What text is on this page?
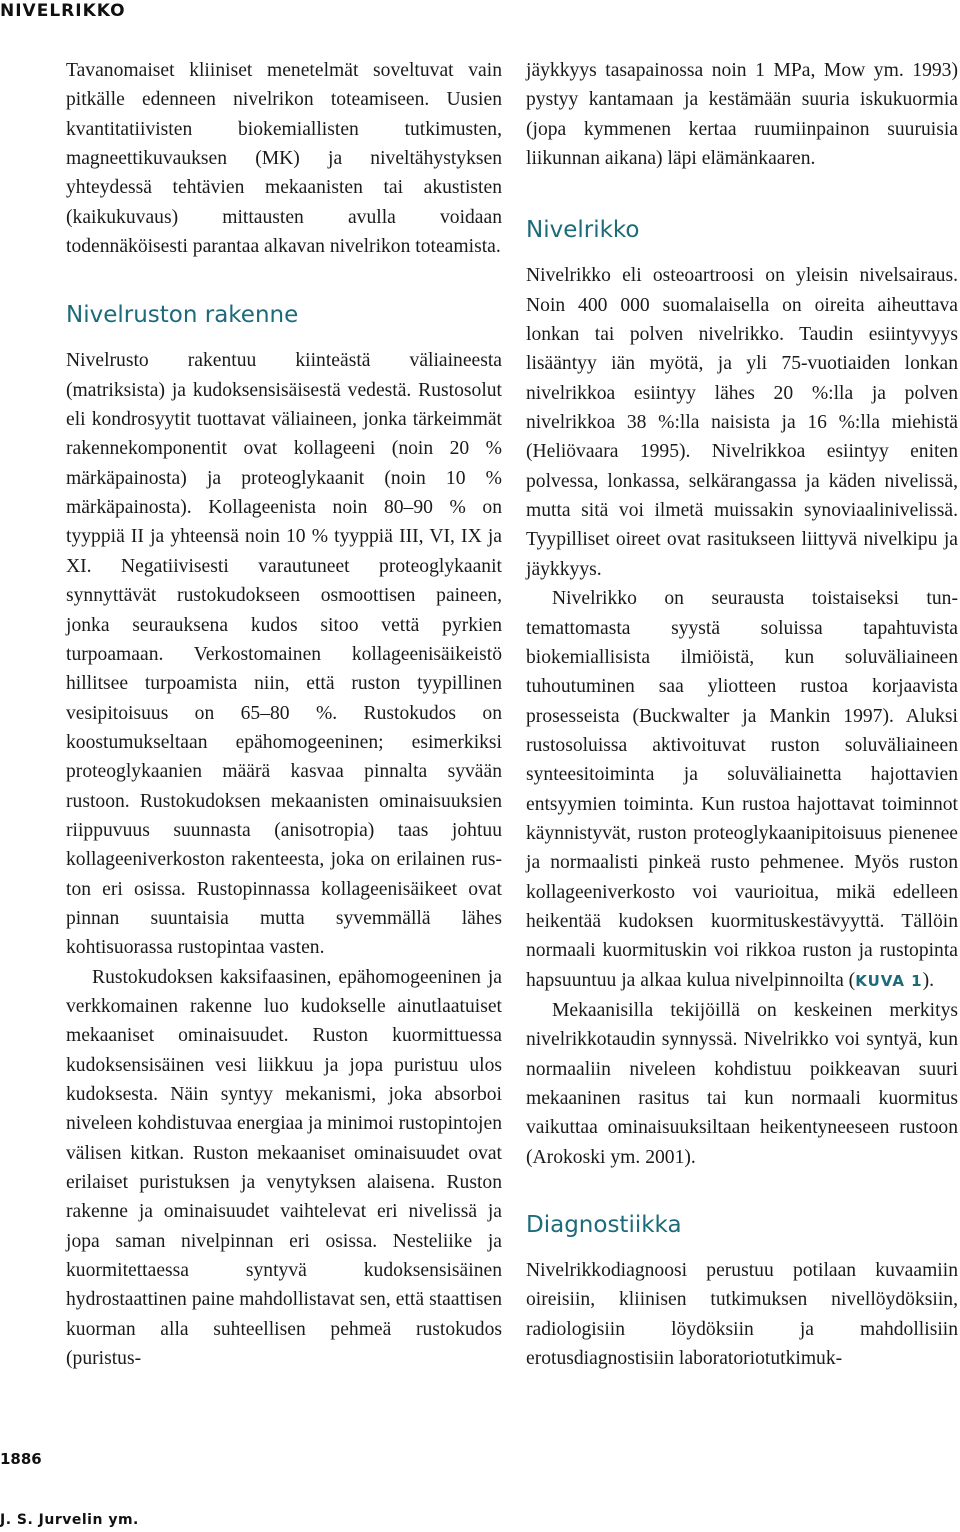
NIVELRIKKO

Tavanomaiset kliiniset menetelmät soveltuvat vain pitkälle edenneen nivelrikon toteamiseen. Uusien kvantitatiivisten biokemiallisten tutkimusten, magneettikuvauksen (MK) ja niveltähystyksen yhteydessä tehtävien mekaanisten tai akustisten (kaikukuvaus) mittausten avulla voidaan todennäköisesti parantaa alkavan nivelrikon toteamista.

Nivelruston rakenne

Nivelrusto rakentuu kiinteästä väliaineesta (matriksista) ja kudoksensisäisestä vedestä. Rustosolut eli kondrosyytit tuottavat väliaineen, jonka tärkeimmät rakennekomponentit ovat kollageeni (noin 20 % märkäpainosta) ja proteoglykaanit (noin 10 % märkäpainosta). Kollageenista noin 80–90 % on tyyppiä II ja yhteensä noin 10 % tyyppiä III, VI, IX ja XI. Negatiivisesti varautuneet proteoglykaanit synnyttävät rustokudokseen osmoottisen paineen, jonka seurauksena kudos sitoo vettä pyrkien turpoamaan. Verkostomainen kollageenisäikeistö hillitsee turpoamista niin, että ruston tyypillinen vesipitoisuus on 65–80 %. Rustokudos on koostumukseltaan epähomogeeninen; esimerkiksi proteoglykaanien määrä kasvaa pinnalta syvään rustoon. Rustokudoksen mekaanisten ominaisuuksien riippuvuus suunnasta (anisotropia) taas johtuu kollageeniverkoston rakenteesta, joka on erilainen ruston eri osissa. Rustopinnassa kollageenisäikeet ovat pinnan suuntaisia mutta syvemmällä lähes kohtisuorassa rustopintaa vasten.

Rustokudoksen kaksifaasinen, epähomogeeninen ja verkkomainen rakenne luo kudokselle ainutlaatuiset mekaaniset ominaisuudet. Ruston kuormittuessa kudoksensisäinen vesi liikkuu ja jopa puristuu ulos kudoksesta. Näin syntyy mekanismi, joka absorboi niveleen kohdistuvaa energiaa ja minimoi rustopintojen välisen kitkan. Ruston mekaaniset ominaisuudet ovat erilaiset puristuksen ja venytyksen alaisena. Ruston rakenne ja ominaisuudet vaihtelevat eri nivelissä ja jopa saman nivelpinnan eri osissa. Nesteliike ja kuormitettaessa syntyvä kudoksensisäinen hydrostaattinen paine mahdollistavat sen, että staattisen kuorman alla suhteellisen pehmeä rustokudos (puristus-

jäykkyys tasapainossa noin 1 MPa, Mow ym. 1993) pystyy kantamaan ja kestämään suuria iskukuormia (jopa kymmenen kertaa ruumiinpainon suuruisia liikunnan aikana) läpi elämänkaaren.

Nivelrikko

Nivelrikko eli osteoartroosi on yleisin nivelsairaus. Noin 400 000 suomalaisella on oireita aiheuttava lonkan tai polven nivelrikko. Taudin esiintyvyys lisääntyy iän myötä, ja yli 75-vuotiaiden lonkan nivelrikkoa esiintyy lähes 20 %:lla ja polven nivelrikkoa 38 %:lla naisista ja 16 %:lla miehistä (Heliövaara 1995). Nivelrikkoa esiintyy eniten polvessa, lonkassa, selkärangassa ja käden nivelissä, mutta sitä voi ilmetä muissakin synoviaalinivelissä. Tyypilliset oireet ovat rasitukseen liittyvä nivelkipu ja jäykkyys.

Nivelrikko on seurausta toistaiseksi tuntemattomasta syystä soluissa tapahtuvista biokemiallisista ilmiöistä, kun soluväliaineen tuhoutuminen saa yliotteen rustoa korjaavista prosesseista (Buckwalter ja Mankin 1997). Aluksi rustosoluissa aktivoituvat ruston soluväliaineen synteesitoiminta ja soluväliainetta hajottavien entsyymien toiminta. Kun rustoa hajottavat toiminnot käynnistyvät, ruston proteoglykaanipitoisuus pienenee ja normaalisti pinkeä rusto pehmenee. Myös ruston kollageeniverkosto voi vaurioitua, mikä edelleen heikentää kudoksen kuormituskestävyyttä. Tällöin normaali kuormituskin voi rikkoa ruston ja rustopinta hapsuuntuu ja alkaa kulua nivelpinnoilta (KUVA 1).

Mekaanisilla tekijöillä on keskeinen merkitys nivelrikkotaudin synnyssä. Nivelrikko voi syntyä, kun normaaliin niveleen kohdistuu poikkeavan suuri mekaaninen rasitus tai kun normaali kuormitus vaikuttaa ominaisuuksiltaan heikentyneeseen rustoon (Arokoski ym. 2001).

Diagnostiikka

Nivelrikkodiagnoosi perustuu potilaan kuvaamiin oireisiin, kliinisen tutkimuksen nivellöydöksiin, radiologisiin löydöksiin ja mahdollisiin erotusdiagnostisiin laboratoriotutkimuk-

1886
J. S. Jurvelin ym.
